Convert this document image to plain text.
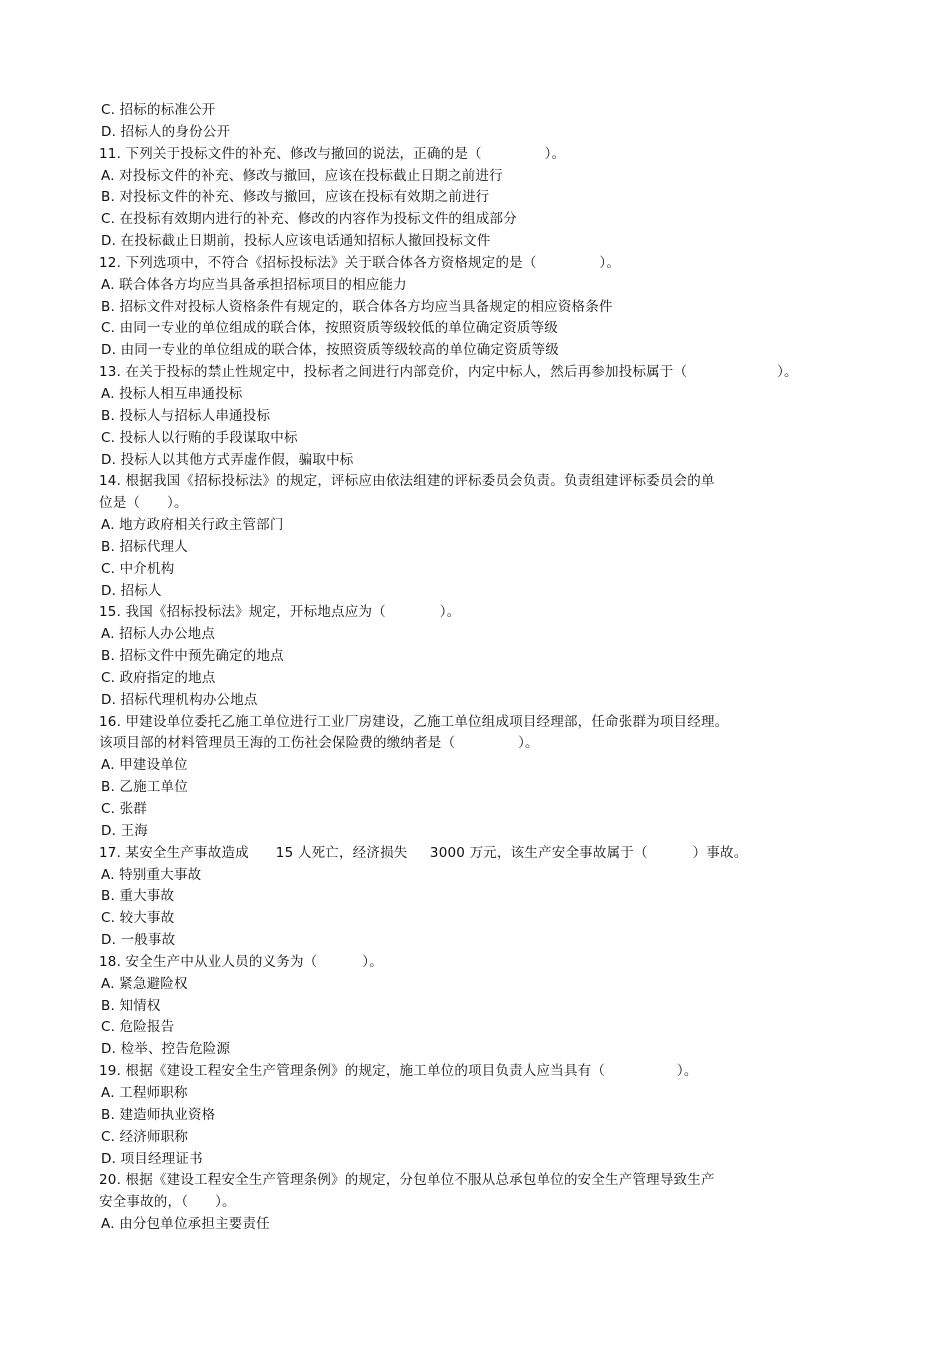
C. 招标的标准公开
D. 招标人的身份公开
11. 下列关于投标文件的补充、修改与撤回的说法，正确的是（              ）。
A. 对投标文件的补充、修改与撤回，应该在投标截止日期之前进行
B. 对投标文件的补充、修改与撤回，应该在投标有效期之前进行
C. 在投标有效期内进行的补充、修改的内容作为投标文件的组成部分
D. 在投标截止日期前，投标人应该电话通知招标人撤回投标文件
12. 下列选项中，不符合《招标投标法》关于联合体各方资格规定的是（              ）。
A. 联合体各方均应当具备承担招标项目的相应能力
B. 招标文件对投标人资格条件有规定的，联合体各方均应当具备规定的相应资格条件
C. 由同一专业的单位组成的联合体，按照资质等级较低的单位确定资质等级
D. 由同一专业的单位组成的联合体，按照资质等级较高的单位确定资质等级
13. 在关于投标的禁止性规定中，投标者之间进行内部竞价，内定中标人，然后再参加投标属于（                    ）。
A. 投标人相互串通投标
B. 投标人与招标人串通投标
C. 投标人以行贿的手段谋取中标
D. 投标人以其他方式弄虚作假，骗取中标
14. 根据我国《招标投标法》的规定，评标应由依法组建的评标委员会负责。负责组建评标委员会的单
位是（      ）。
A. 地方政府相关行政主管部门
B. 招标代理人
C. 中介机构
D. 招标人
15. 我国《招标投标法》规定，开标地点应为（            ）。
A. 招标人办公地点
B. 招标文件中预先确定的地点
C. 政府指定的地点
D. 招标代理机构办公地点
16. 甲建设单位委托乙施工单位进行工业厂房建设，乙施工单位组成项目经理部，任命张群为项目经理。
该项目部的材料管理员王海的工伤社会保险费的缴纳者是（              ）。
A. 甲建设单位
B. 乙施工单位
C. 张群
D. 王海
17. 某安全生产事故造成      15 人死亡，经济损失     3000 万元，该生产安全事故属于（          ）事故。
A. 特别重大事故
B. 重大事故
C. 较大事故
D. 一般事故
18. 安全生产中从业人员的义务为（          ）。
A. 紧急避险权
B. 知情权
C. 危险报告
D. 检举、控告危险源
19. 根据《建设工程安全生产管理条例》的规定，施工单位的项目负责人应当具有（                ）。
A. 工程师职称
B. 建造师执业资格
C. 经济师职称
D. 项目经理证书
20. 根据《建设工程安全生产管理条例》的规定，分包单位不服从总承包单位的安全生产管理导致生产
安全事故的，（      ）。
A. 由分包单位承担主要责任
